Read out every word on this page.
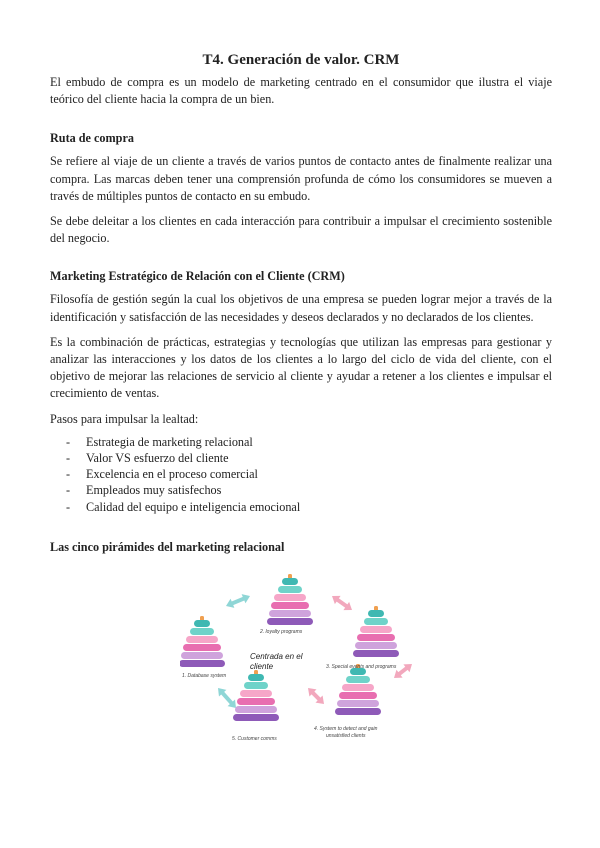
T4. Generación de valor. CRM

El embudo de compra es un modelo de marketing centrado en el consumidor que ilustra el viaje teórico del cliente hacia la compra de un bien.

Ruta de compra

Se refiere al viaje de un cliente a través de varios puntos de contacto antes de finalmente realizar una compra. Las marcas deben tener una comprensión profunda de cómo los consumidores se mueven a través de múltiples puntos de contacto en su embudo.

Se debe deleitar a los clientes en cada interacción para contribuir a impulsar el crecimiento sostenible del negocio.

Marketing Estratégico de Relación con el Cliente (CRM)

Filosofía de gestión según la cual los objetivos de una empresa se pueden lograr mejor a través de la identificación y satisfacción de las necesidades y deseos declarados y no declarados de los clientes.

Es la combinación de prácticas, estrategias y tecnologías que utilizan las empresas para gestionar y analizar las interacciones y los datos de los clientes a lo largo del ciclo de vida del cliente, con el objetivo de mejorar las relaciones de servicio al cliente y ayudar a retener a los clientes e impulsar el crecimiento de ventas.

Pasos para impulsar la lealtad:

- Estrategia de marketing relacional
- Valor VS esfuerzo del cliente
- Excelencia en el proceso comercial
- Empleados muy satisfechos
- Calidad del equipo e inteligencia emocional
Las cinco pirámides del marketing relacional
Centrada en el
cliente
2. loyalty programs
3. Special events and programs
1. Database system
4. System to detect and gain
unsatisfied clients
5. Customer comms
